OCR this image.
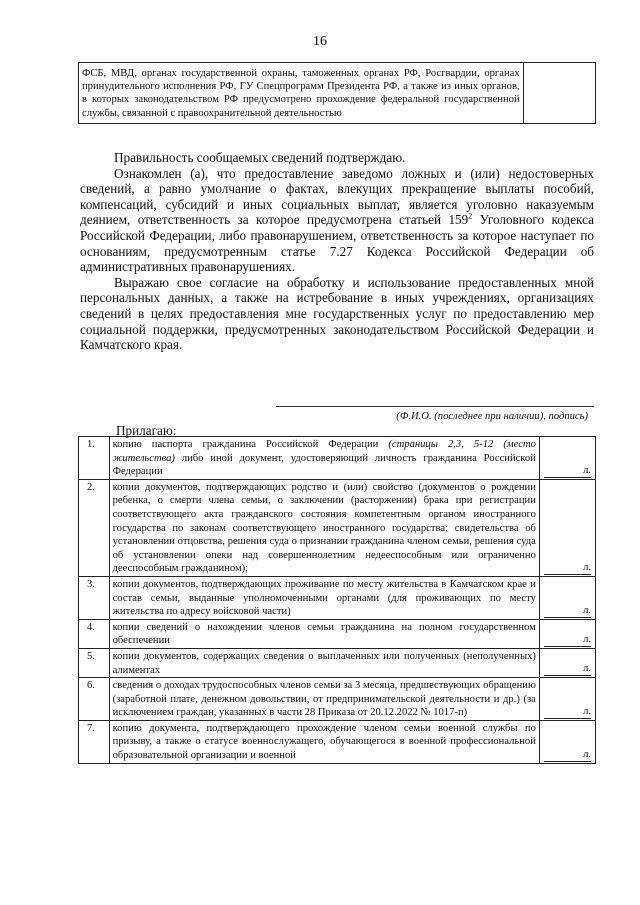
16
ФСБ, МВД, органах государственной охраны, таможенных органах РФ, Росгвардии, органах принудительного исполнения РФ, ГУ Спецпрограмм Президента РФ, а также из иных органов, в которых законодательством РФ предусмотрено прохождение федеральной государственной службы, связанной с правоохранительной деятельностью	

Правильность сообщаемых сведений подтверждаю.

Ознакомлен (а), что предоставление заведомо ложных и (или) недостоверных сведений, а равно умолчание о фактах, влекущих прекращение выплаты пособий, компенсаций, субсидий и иных социальных выплат, является уголовно наказуемым деянием, ответственность за которое предусмотрена статьей $159^2$ Уголовного кодекса Российской Федерации, либо правонарушением, ответственность за которое наступает по основаниям, предусмотренным статье 7.27 Кодекса Российской Федерации об административных правонарушениях.

Выражаю свое согласие на обработку и использование предоставленных мной персональных данных, а также на истребование в иных учреждениях, организациях сведений в целях предоставления мне государственных услуг по предоставлению мер социальной поддержки, предусмотренных законодательством Российской Федерации и Камчатского края.

(Ф.И.О. (последнее при наличии), подпись)
Прилагаю:
1.	копию паспорта гражданина Российской Федерации (страницы 2,3, 5-12 (место жительства) либо иной документ, удостоверяющий личность гражданина Российской Федерации	л.

2.	копии документов, подтверждающих родство и (или) свойство (документов о рождении ребенка, о смерти члена семьи, о заключении (расторжении) брака при регистрации соответствующего акта гражданского состояния компетентным органом иностранного государства по законам соответствующего иностранного государства; свидетельства об установлении отцовства, решения суда о признании гражданина членом семьи, решения суда об установлении опеки над совершеннолетним недееспособным или ограниченно дееспособным гражданином);	л.

3.	копии документов, подтверждающих проживание по месту жительства в Камчатском крае и состав семьи, выданные уполномоченными органами (для проживающих по месту жительства по адресу войсковой части)	л.

4.	копии сведений о нахождении членов семьи гражданина на полном государственном обеспечении	л.

5.	копии документов, содержащих сведения о выплаченных или полученных (неполученных) алиментах	л.

6.	сведения о доходах трудоспособных членов семьи за 3 месяца, предшествующих обращению (заработной плате, денежном довольствии, от предпринимательской деятельности и др.) (за исключением граждан, указанных в части 28 Приказа от 20.12.2022 № 1017-п)	л.

7.	копию документа, подтверждающего прохождение членом семьи военной службы по призыву, а также о статусе военнослужащего, обучающегося в военной профессиональной образовательной организации и военной	л.
